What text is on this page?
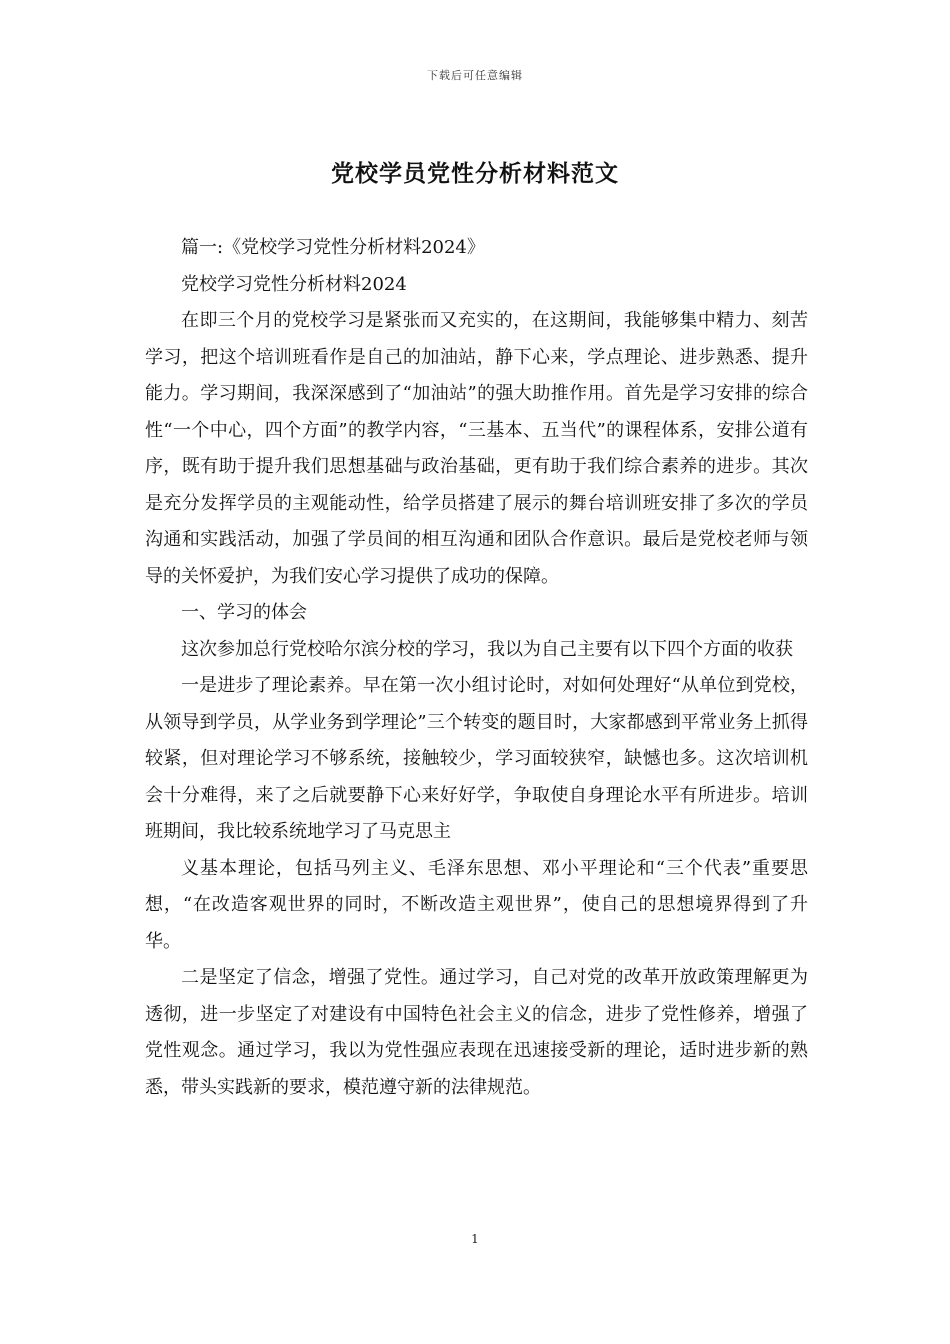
下载后可任意编辑
党校学员党性分析材料范文

篇一:《党校学习党性分析材料2024》

党校学习党性分析材料2024

在即三个月的党校学习是紧张而又充实的，在这期间，我能够集中精力、刻苦学习，把这个培训班看作是自己的加油站，静下心来，学点理论、进步熟悉、提升能力。学习期间，我深深感到了“加油站”的强大助推作用。首先是学习安排的综合性“一个中心，四个方面”的教学内容，“三基本、五当代”的课程体系，安排公道有序，既有助于提升我们思想基础与政治基础，更有助于我们综合素养的进步。其次是充分发挥学员的主观能动性，给学员搭建了展示的舞台培训班安排了多次的学员沟通和实践活动，加强了学员间的相互沟通和团队合作意识。最后是党校老师与领导的关怀爱护，为我们安心学习提供了成功的保障。

一、学习的体会

这次参加总行党校哈尔滨分校的学习，我以为自己主要有以下四个方面的收获

一是进步了理论素养。早在第一次小组讨论时，对如何处理好“从单位到党校，从领导到学员，从学业务到学理论”三个转变的题目时，大家都感到平常业务上抓得较紧，但对理论学习不够系统，接触较少，学习面较狭窄，缺憾也多。这次培训机会十分难得，来了之后就要静下心来好好学，争取使自身理论水平有所进步。培训班期间，我比较系统地学习了马克思主

义基本理论，包括马列主义、毛泽东思想、邓小平理论和“三个代表”重要思想，“在改造客观世界的同时，不断改造主观世界”，使自己的思想境界得到了升华。

二是坚定了信念，增强了党性。通过学习，自己对党的改革开放政策理解更为透彻，进一步坚定了对建设有中国特色社会主义的信念，进步了党性修养，增强了党性观念。通过学习，我以为党性强应表现在迅速接受新的理论，适时进步新的熟悉，带头实践新的要求，模范遵守新的法律规范。

1
